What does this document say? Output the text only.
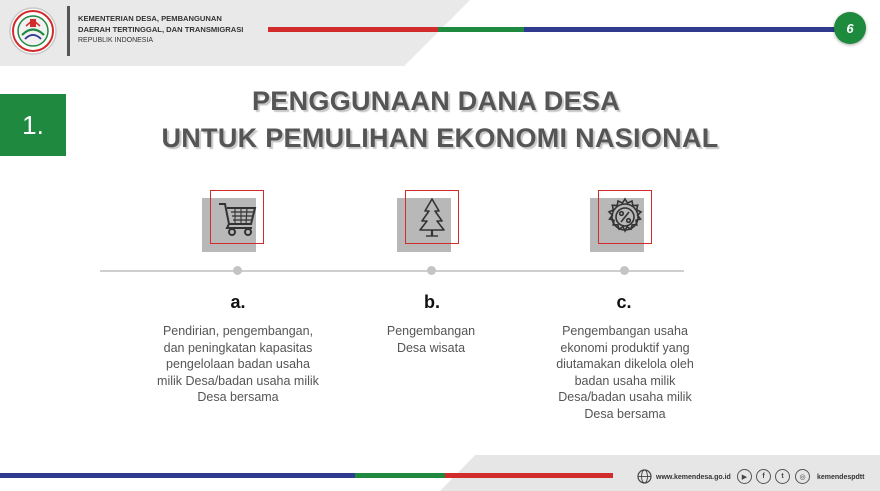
KEMENTERIAN DESA, PEMBANGUNAN
DAERAH TERTINGGAL, DAN TRANSMIGRASI
REPUBLIK INDONESIA
6
1.
PENGGUNAAN DANA DESA
UNTUK PEMULIHAN EKONOMI NASIONAL
a.	b.	c.
Pendirian, pengembangan,
dan peningkatan kapasitas
pengelolaan badan usaha
milik Desa/badan usaha milik
Desa bersama
Pengembangan
Desa wisata
Pengembangan usaha
ekonomi produktif yang
diutamakan dikelola oleh
badan usaha milik
Desa/badan usaha milik
Desa bersama
www.kemendesa.go.id	▶	f	t	◎	kemendespdtt
